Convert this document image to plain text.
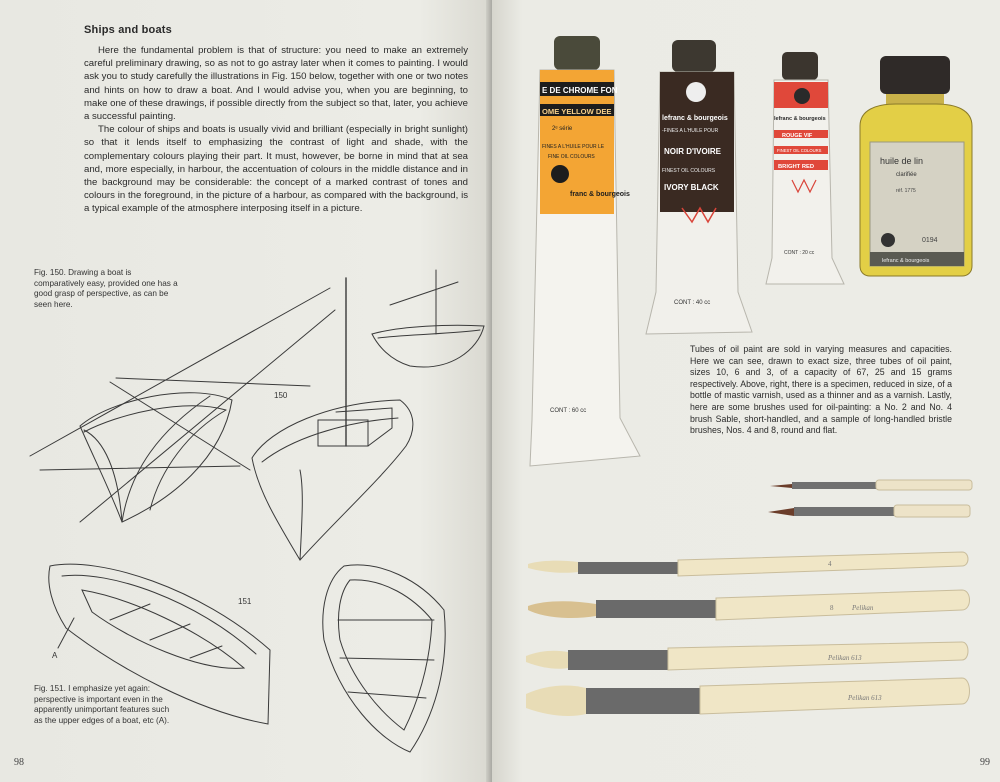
Ships and boats

Here the fundamental problem is that of structure: you need to make an extremely careful preliminary drawing, so as not to go astray later when it comes to painting. I would ask you to study carefully the illustrations in Fig. 150 below, together with one or two notes and hints on how to draw a boat. And I would advise you, when you are beginning, to make one of these drawings, if possible directly from the subject so that, later, you achieve a successful painting.

The colour of ships and boats is usually vivid and brilliant (especially in bright sunlight) so that it lends itself to emphasizing the contrast of light and shade, with the complementary colours playing their part. It must, however, be borne in mind that at sea and, more especially, in harbour, the accentuation of colours in the middle distance and in the background may be considerable: the concept of a marked contrast of tones and colours in the foreground, in the picture of a harbour, as compared with the background, is a typical example of the atmosphere interposing itself in a picture.

150
151
A
Fig. 150. Drawing a boat is comparatively easy, provided one has a good grasp of perspective, as can be seen here.
Fig. 151. I emphasize yet again: perspective is important even in the apparently unimportant features such as the upper edges of a boat, etc (A).
98
E DE CHROME FON
OME YELLOW DEE
2ᵉ série
FINES A L'HUILE POUR LE
FINE OIL COLOURS
franc & bourgeois
CONT : 60 cc
lefranc & bourgeois
-FINES A L'HUILE POUR
NOIR D'IVOIRE
FINEST OIL COLOURS
IVORY BLACK
CONT : 40 cc
lefranc & bourgeois
ROUGE VIF
FINEST OIL COLOURS
BRIGHT RED
CONT : 20 cc
huile de lin
clarifiée
réf. 1775
0194
lefranc & bourgeois
Tubes of oil paint are sold in varying measures and capacities. Here we can see, drawn to exact size, three tubes of oil paint, sizes 10, 6 and 3, of a capacity of 67, 25 and 15 grams respectively. Above, right, there is a specimen, reduced in size, of a bottle of mastic varnish, used as a thinner and as a varnish. Lastly, here are some brushes used for oil-painting: a No. 2 and No. 4 brush Sable, short-handled, and a sample of long-handled bristle brushes, Nos. 4 and 8, round and flat.
4
8	Pelikan
Pelikan 613
Pelikan 613
99
